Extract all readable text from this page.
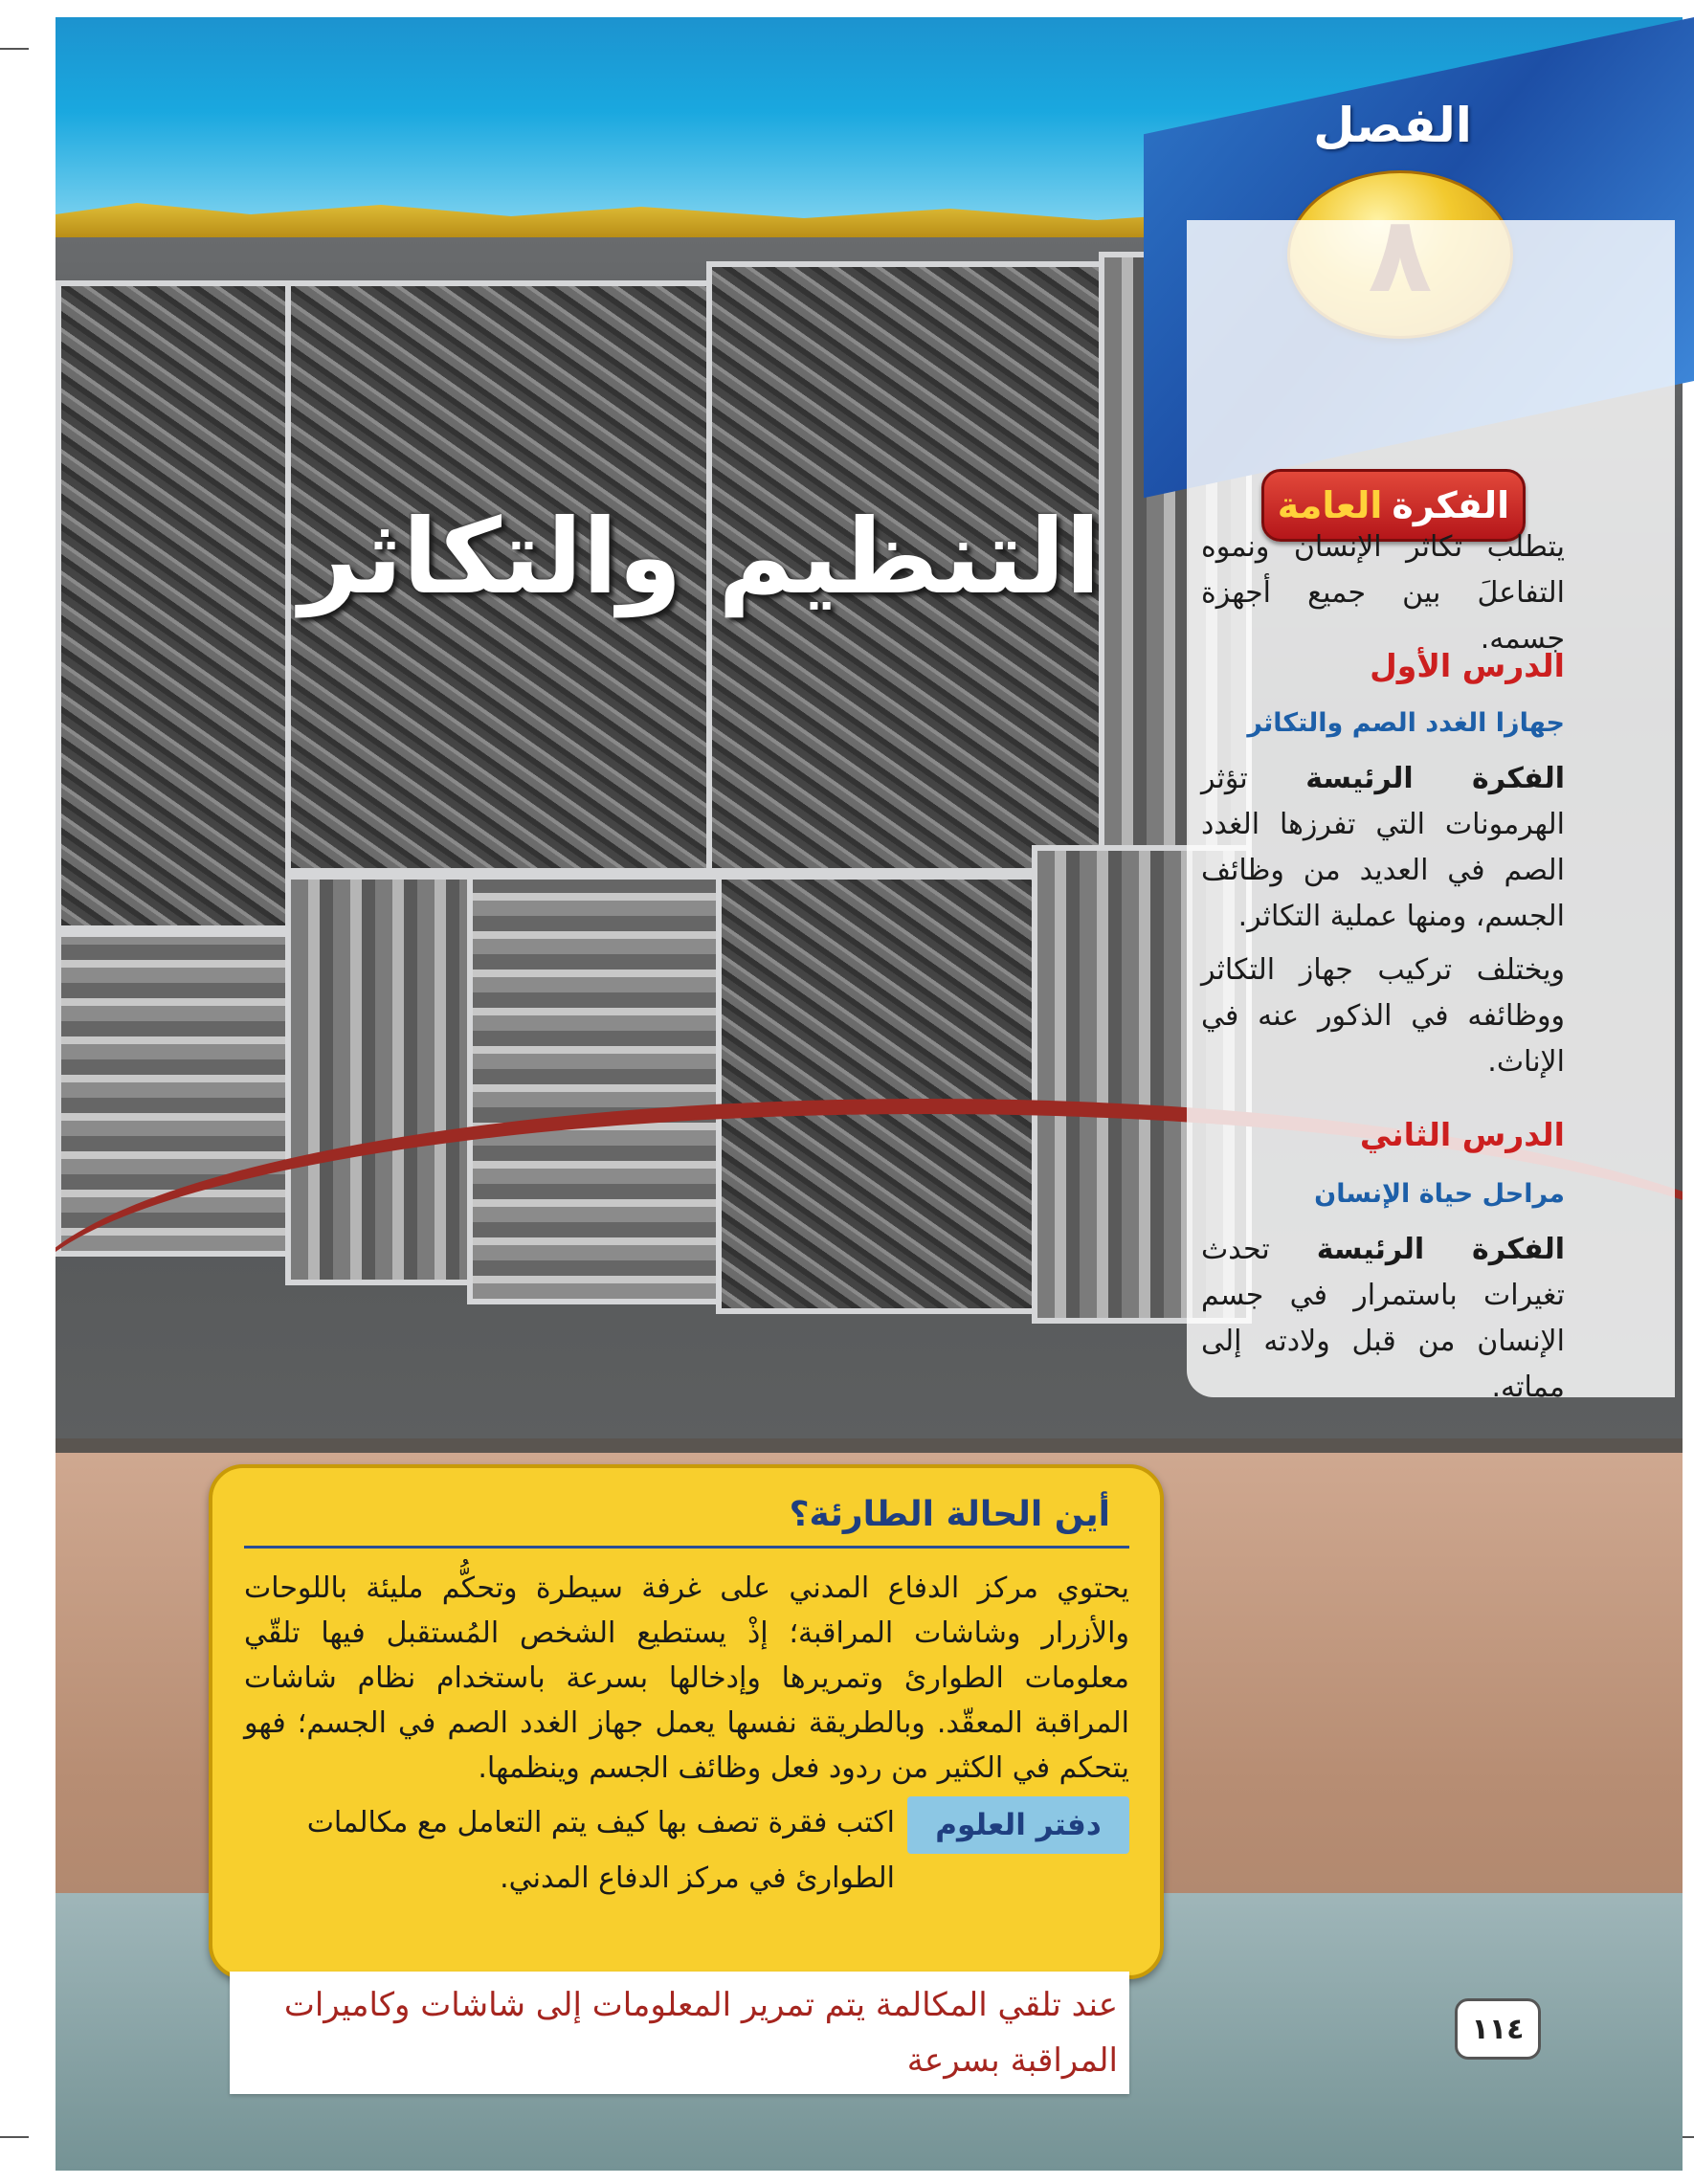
الفصل
التنظيم والتكاثر	الفكرة
العامة
يتطلب تكاثر الإنسان ونموه التفاعلَ بين جميع أجهزة جسمه.
الدرس الأول
جهازا الغدد الصم والتكاثر
الفكرة الرئيسة تؤثر الهرمونات التي تفرزها الغدد الصم في العديد من وظائف الجسم، ومنها عملية التكاثر.
ويختلف تركيب جهاز التكاثر ووظائفه في الذكور عنه في الإناث.
الدرس الثاني
مراحل حياة الإنسان
الفكرة الرئيسة تحدث تغيرات باستمرار في جسم الإنسان من قبل ولادته إلى مماته.
أين الحالة الطارئة؟
يحتوي مركز الدفاع المدني على غرفة سيطرة وتحكُّم مليئة باللوحات والأزرار وشاشات المراقبة؛ إذْ يستطيع الشخص المُستقبل فيها تلقّي معلومات الطوارئ وتمريرها وإدخالها بسرعة باستخدام نظام شاشات المراقبة المعقّد. وبالطريقة نفسها يعمل جهاز الغدد الصم في الجسم؛ فهو يتحكم في الكثير من ردود فعل وظائف الجسم وينظمها.
دفتر العلوم
اكتب فقرة تصف بها كيف يتم التعامل مع مكالمات الطوارئ في مركز الدفاع المدني.
عند تلقي المكالمة يتم تمرير المعلومات إلى شاشات وكاميرات المراقبة بسرعة
١١٤
